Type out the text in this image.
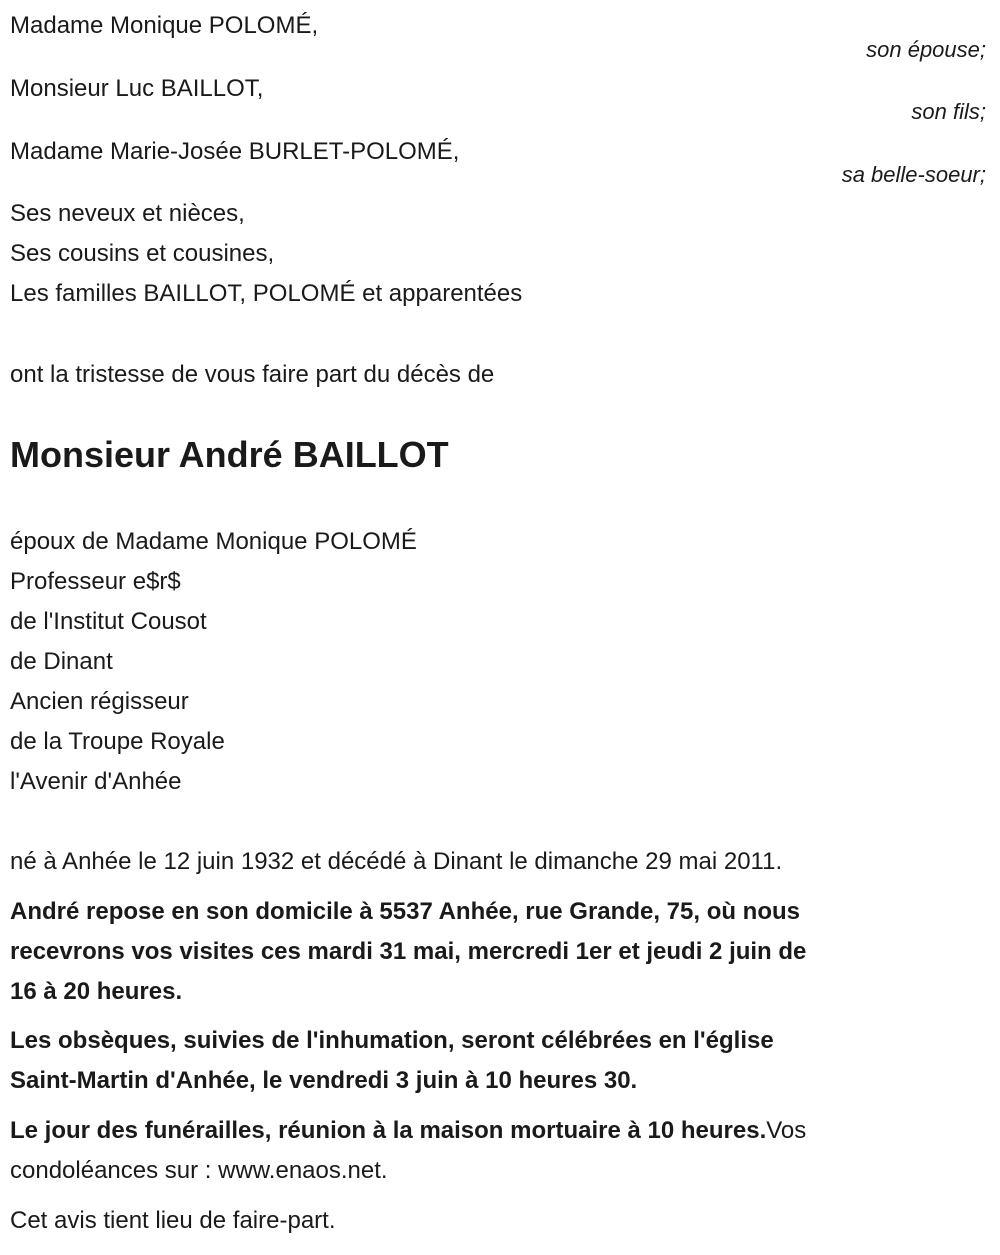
Madame Monique POLOMÉ,
son épouse;
Monsieur Luc BAILLOT,
son fils;
Madame Marie-Josée BURLET-POLOMÉ,
sa belle-soeur;
Ses neveux et nièces,
Ses cousins et cousines,
Les familles BAILLOT, POLOMÉ et apparentées
ont la tristesse de vous faire part du décès de
Monsieur André BAILLOT
époux de Madame Monique POLOMÉ
Professeur e$r$
de l'Institut Cousot
de Dinant
Ancien régisseur
de la Troupe Royale
l'Avenir d'Anhée
né à Anhée le 12 juin 1932 et décédé à Dinant le dimanche 29 mai 2011.
André repose en son domicile à 5537 Anhée, rue Grande, 75, où nous
recevrons vos visites ces mardi 31 mai, mercredi 1er et jeudi 2 juin de
16 à 20 heures.
Les obsèques, suivies de l'inhumation, seront célébrées en l'église
Saint-Martin d'Anhée, le vendredi 3 juin à 10 heures 30.
Le jour des funérailles, réunion à la maison mortuaire à 10 heures.Vos
condoléances sur : www.enaos.net.
Cet avis tient lieu de faire-part.
